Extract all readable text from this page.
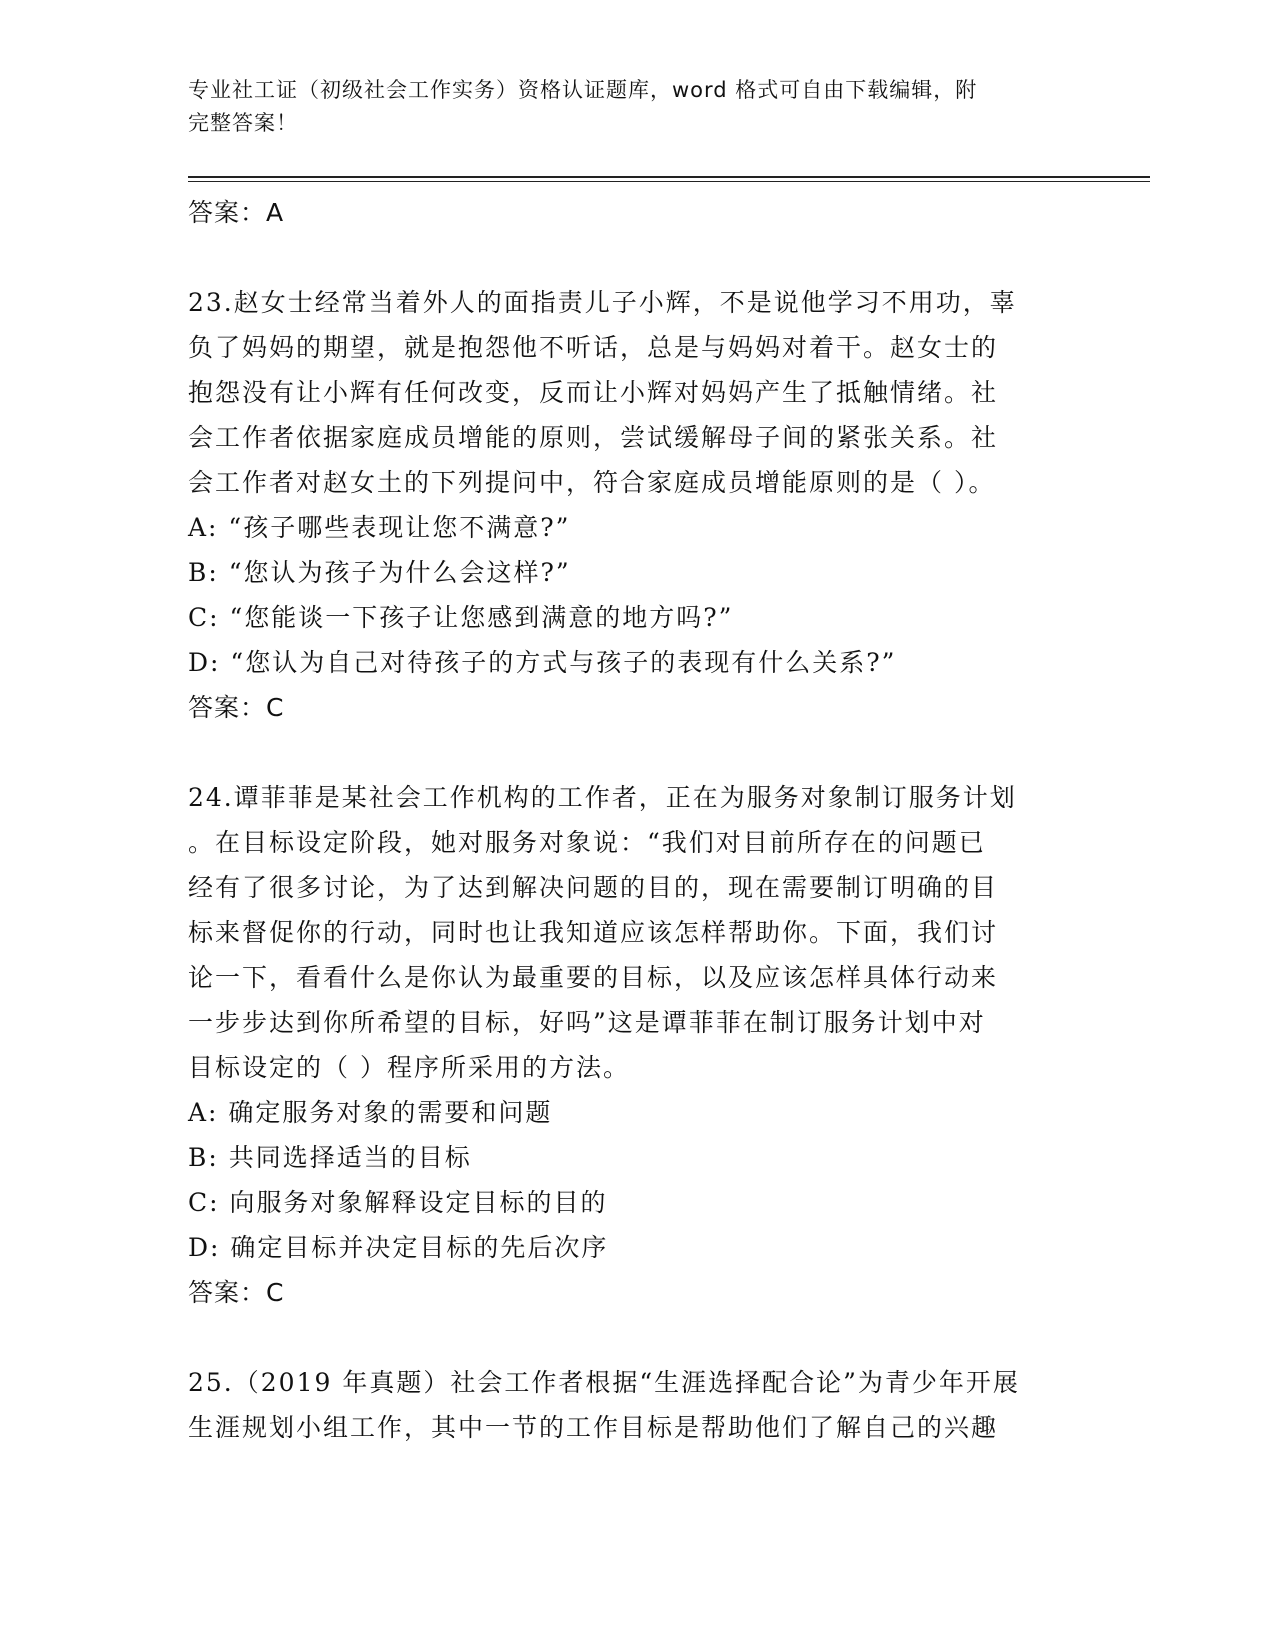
专业社工证（初级社会工作实务）资格认证题库，word 格式可自由下载编辑，附
完整答案！
答案：A
23.赵女士经常当着外人的面指责儿子小辉，不是说他学习不用功，辜
负了妈妈的期望，就是抱怨他不听话，总是与妈妈对着干。赵女士的
抱怨没有让小辉有任何改变，反而让小辉对妈妈产生了抵触情绪。社
会工作者依据家庭成员增能的原则，尝试缓解母子间的紧张关系。社
会工作者对赵女土的下列提问中，符合家庭成员增能原则的是（ ）。
A: “孩子哪些表现让您不满意?”
B: “您认为孩子为什么会这样?”
C: “您能谈一下孩子让您感到满意的地方吗?”
D: “您认为自己对待孩子的方式与孩子的表现有什么关系?”
答案：C
24.谭菲菲是某社会工作机构的工作者，正在为服务对象制订服务计划
。在目标设定阶段，她对服务对象说：“我们对目前所存在的问题已
经有了很多讨论，为了达到解决问题的目的，现在需要制订明确的目
标来督促你的行动，同时也让我知道应该怎样帮助你。下面，我们讨
论一下，看看什么是你认为最重要的目标，以及应该怎样具体行动来
一步步达到你所希望的目标，好吗”这是谭菲菲在制订服务计划中对
目标设定的（ ）程序所采用的方法。
A: 确定服务对象的需要和问题
B: 共同选择适当的目标
C: 向服务对象解释设定目标的目的
D: 确定目标并决定目标的先后次序
答案：C
25.（2019 年真题）社会工作者根据“生涯选择配合论”为青少年开展
生涯规划小组工作，其中一节的工作目标是帮助他们了解自己的兴趣
